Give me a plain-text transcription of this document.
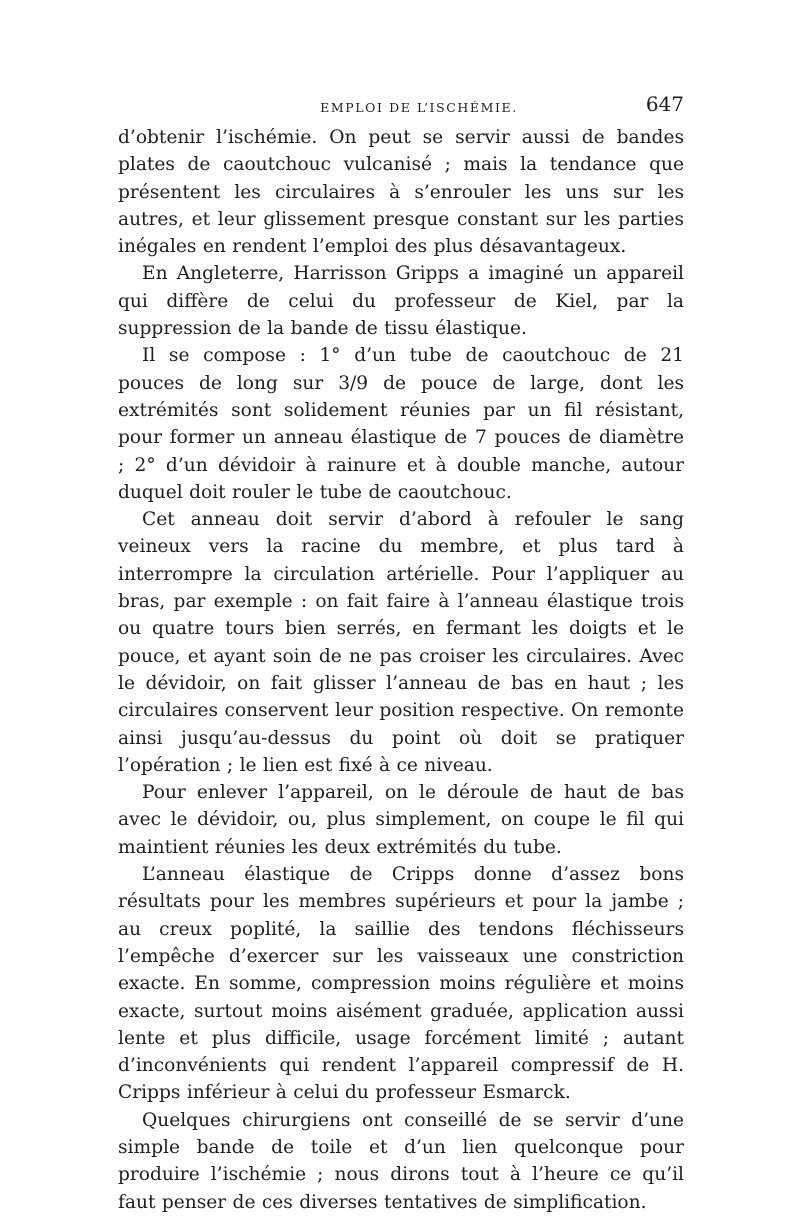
EMPLOI DE L’ISCHÉMIE.	647

d’obtenir l’ischémie. On peut se servir aussi de bandes plates de caoutchouc vulcanisé ; mais la tendance que présentent les circulaires à s’enrouler les uns sur les autres, et leur glissement presque constant sur les parties inégales en rendent l’emploi des plus désavantageux.

En Angleterre, Harrisson Gripps a imaginé un appareil qui diffère de celui du professeur de Kiel, par la suppression de la bande de tissu élastique.

Il se compose : 1° d’un tube de caoutchouc de 21 pouces de long sur 3/9 de pouce de large, dont les extrémités sont solidement réunies par un fil résistant, pour former un anneau élastique de 7 pouces de diamètre ; 2° d’un dévidoir à rainure et à double manche, autour duquel doit rouler le tube de caoutchouc.

Cet anneau doit servir d’abord à refouler le sang veineux vers la racine du membre, et plus tard à interrompre la circulation artérielle. Pour l’appliquer au bras, par exemple : on fait faire à l’anneau élastique trois ou quatre tours bien serrés, en fermant les doigts et le pouce, et ayant soin de ne pas croiser les circulaires. Avec le dévidoir, on fait glisser l’anneau de bas en haut ; les circulaires conservent leur position respective. On remonte ainsi jusqu’au-dessus du point où doit se pratiquer l’opération ; le lien est fixé à ce niveau.

Pour enlever l’appareil, on le déroule de haut de bas avec le dévidoir, ou, plus simplement, on coupe le fil qui maintient réunies les deux extrémités du tube.

L’anneau élastique de Cripps donne d’assez bons résultats pour les membres supérieurs et pour la jambe ; au creux poplité, la saillie des tendons fléchisseurs l’empêche d’exercer sur les vaisseaux une constriction exacte. En somme, compression moins régulière et moins exacte, surtout moins aisément graduée, application aussi lente et plus difficile, usage forcément limité ; autant d’inconvénients qui rendent l’appareil compressif de H. Cripps inférieur à celui du professeur Esmarck.

Quelques chirurgiens ont conseillé de se servir d’une simple bande de toile et d’un lien quelconque pour produire l’ischémie ; nous dirons tout à l’heure ce qu’il faut penser de ces diverses tentatives de simplification.
